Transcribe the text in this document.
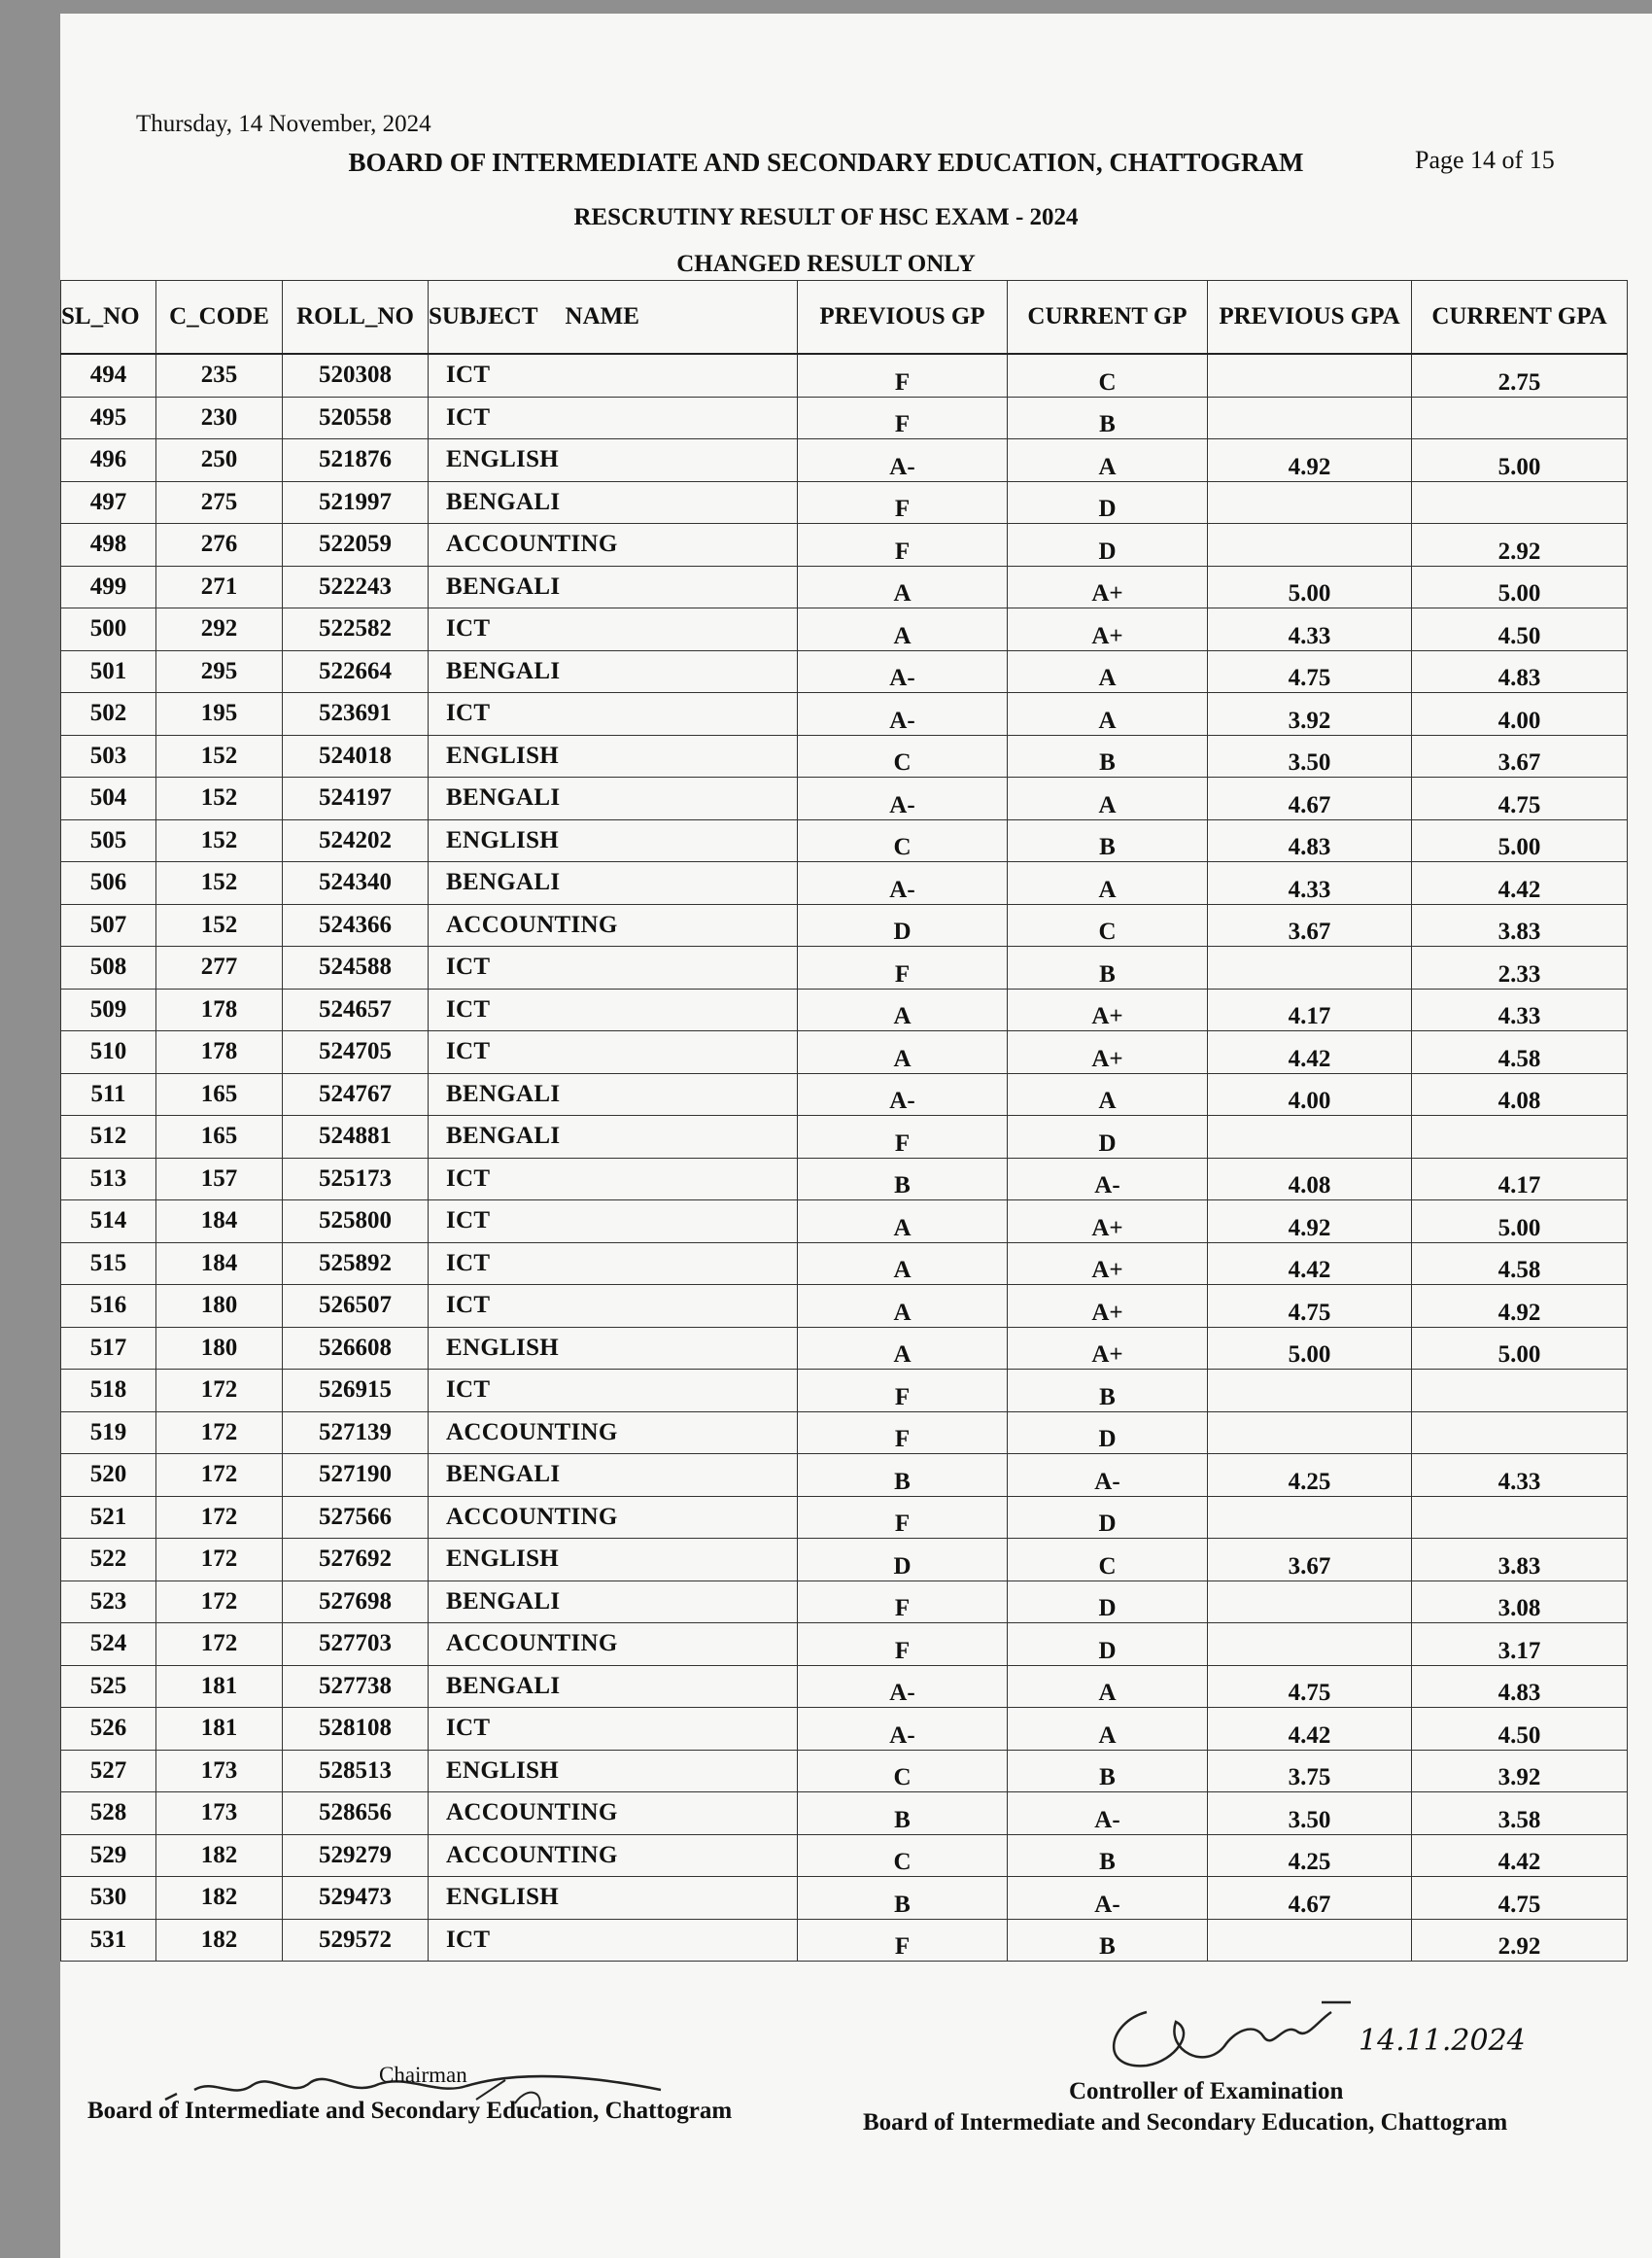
Thursday, 14 November, 2024
BOARD OF INTERMEDIATE AND SECONDARY EDUCATION, CHATTOGRAM	Page 14 of 15
RESCRUTINY RESULT OF HSC EXAM - 2024
CHANGED RESULT ONLY
SL_NO	C_CODE	ROLL_NO	SUBJECT NAME	PREVIOUS GP	CURRENT GP	PREVIOUS GPA	CURRENT GPA
494	235	520308	ICT	F	C		2.75
495	230	520558	ICT	F	B		
496	250	521876	ENGLISH	A-	A	4.92	5.00
497	275	521997	BENGALI	F	D		
498	276	522059	ACCOUNTING	F	D		2.92
499	271	522243	BENGALI	A	A+	5.00	5.00
500	292	522582	ICT	A	A+	4.33	4.50
501	295	522664	BENGALI	A-	A	4.75	4.83
502	195	523691	ICT	A-	A	3.92	4.00
503	152	524018	ENGLISH	C	B	3.50	3.67
504	152	524197	BENGALI	A-	A	4.67	4.75
505	152	524202	ENGLISH	C	B	4.83	5.00
506	152	524340	BENGALI	A-	A	4.33	4.42
507	152	524366	ACCOUNTING	D	C	3.67	3.83
508	277	524588	ICT	F	B		2.33
509	178	524657	ICT	A	A+	4.17	4.33
510	178	524705	ICT	A	A+	4.42	4.58
511	165	524767	BENGALI	A-	A	4.00	4.08
512	165	524881	BENGALI	F	D		
513	157	525173	ICT	B	A-	4.08	4.17
514	184	525800	ICT	A	A+	4.92	5.00
515	184	525892	ICT	A	A+	4.42	4.58
516	180	526507	ICT	A	A+	4.75	4.92
517	180	526608	ENGLISH	A	A+	5.00	5.00
518	172	526915	ICT	F	B		
519	172	527139	ACCOUNTING	F	D		
520	172	527190	BENGALI	B	A-	4.25	4.33
521	172	527566	ACCOUNTING	F	D		
522	172	527692	ENGLISH	D	C	3.67	3.83
523	172	527698	BENGALI	F	D		3.08
524	172	527703	ACCOUNTING	F	D		3.17
525	181	527738	BENGALI	A-	A	4.75	4.83
526	181	528108	ICT	A-	A	4.42	4.50
527	173	528513	ENGLISH	C	B	3.75	3.92
528	173	528656	ACCOUNTING	B	A-	3.50	3.58
529	182	529279	ACCOUNTING	C	B	4.25	4.42
530	182	529473	ENGLISH	B	A-	4.67	4.75
531	182	529572	ICT	F	B		2.92
Chairman
Board of Intermediate and Secondary Education, Chattogram
14.11.2024
Controller of Examination
Board of Intermediate and Secondary Education, Chattogram
